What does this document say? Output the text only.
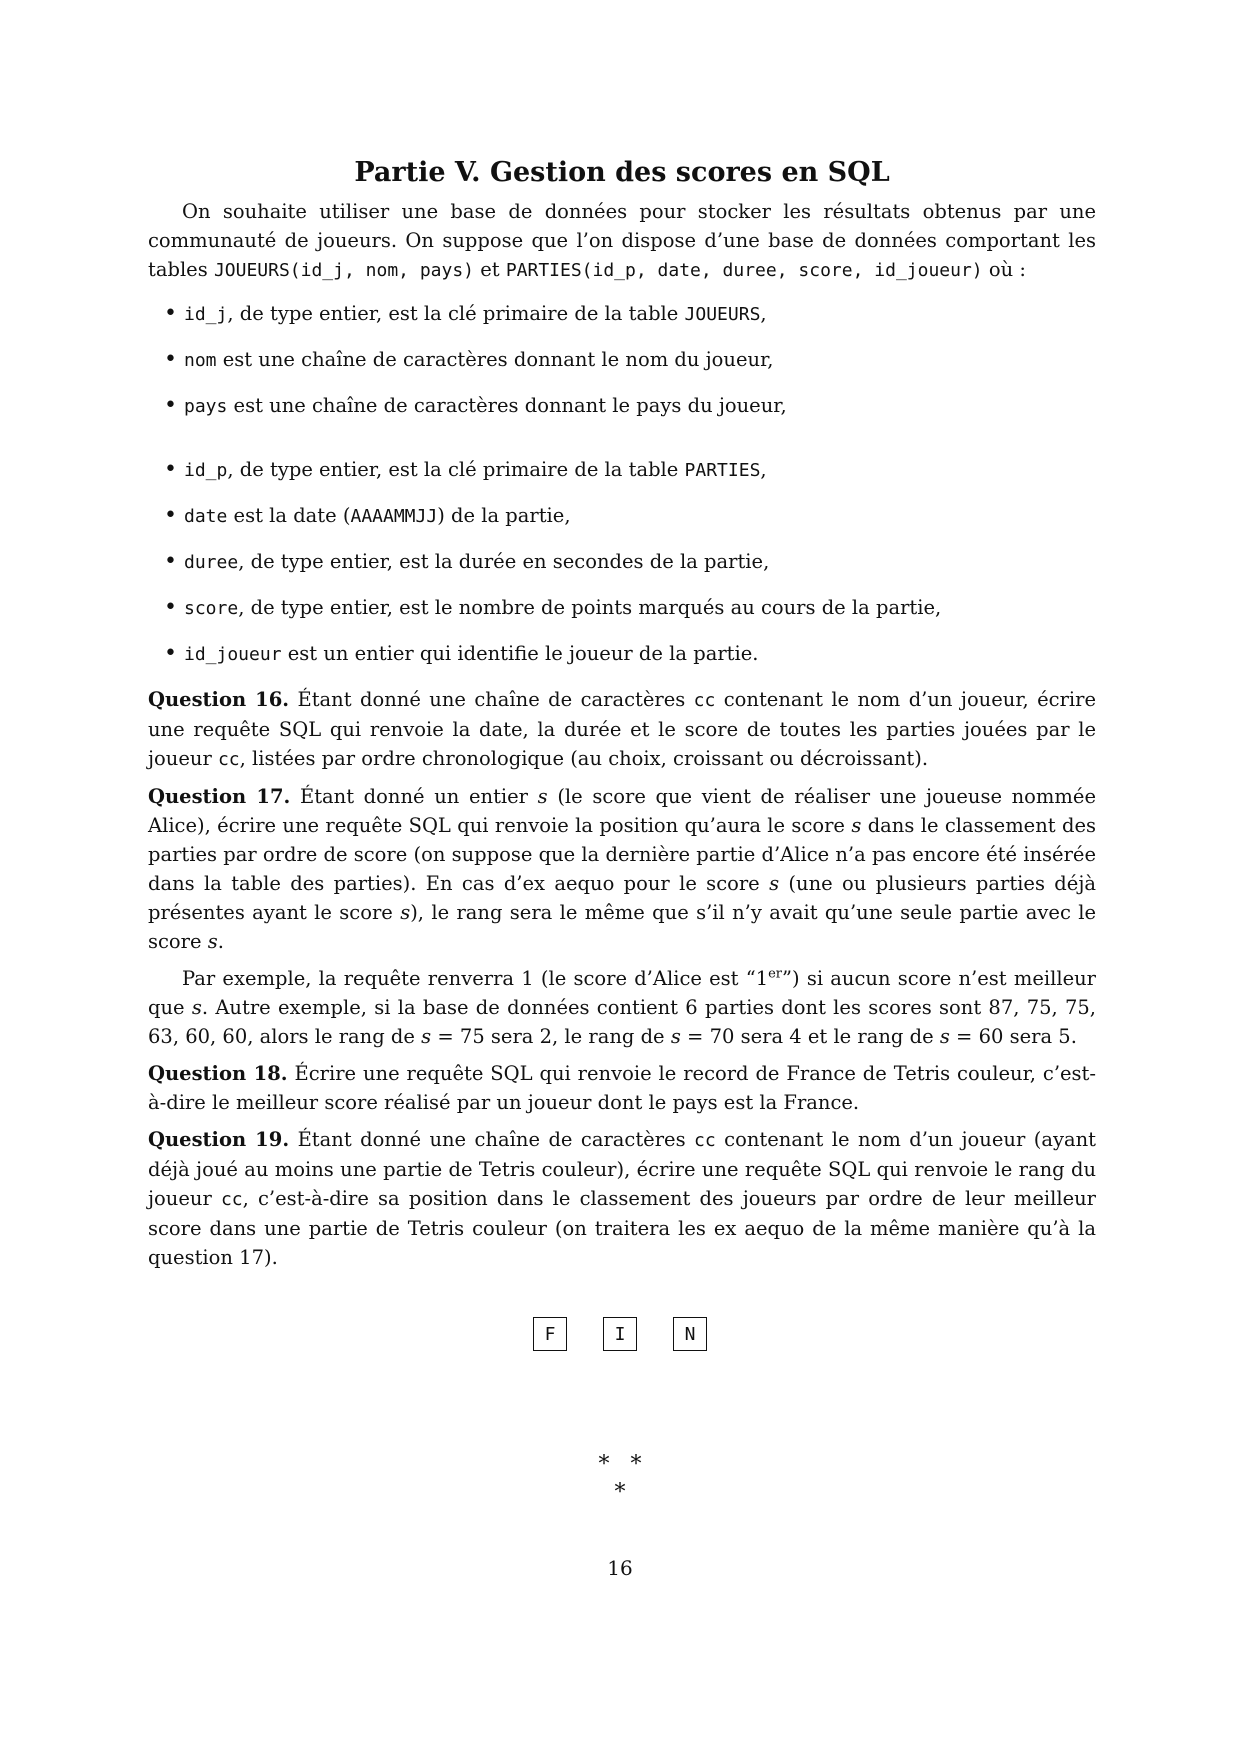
Partie V. Gestion des scores en SQL

On souhaite utiliser une base de données pour stocker les résultats obtenus par une communauté de joueurs. On suppose que l’on dispose d’une base de données comportant les tables JOUEURS(id_j, nom, pays) et PARTIES(id_p, date, duree, score, id_joueur) où :

• id_j, de type entier, est la clé primaire de la table JOUEURS,
• nom est une chaîne de caractères donnant le nom du joueur,
• pays est une chaîne de caractères donnant le pays du joueur,
• id_p, de type entier, est la clé primaire de la table PARTIES,
• date est la date (AAAAMMJJ) de la partie,
• duree, de type entier, est la durée en secondes de la partie,
• score, de type entier, est le nombre de points marqués au cours de la partie,
• id_joueur est un entier qui identifie le joueur de la partie.

Question 16. Étant donné une chaîne de caractères cc contenant le nom d’un joueur, écrire une requête SQL qui renvoie la date, la durée et le score de toutes les parties jouées par le joueur cc, listées par ordre chronologique (au choix, croissant ou décroissant).

Question 17. Étant donné un entier s (le score que vient de réaliser une joueuse nommée Alice), écrire une requête SQL qui renvoie la position qu’aura le score s dans le classement des parties par ordre de score (on suppose que la dernière partie d’Alice n’a pas encore été insérée dans la table des parties). En cas d’ex aequo pour le score s (une ou plusieurs parties déjà présentes ayant le score s), le rang sera le même que s’il n’y avait qu’une seule partie avec le score s.

Par exemple, la requête renverra 1 (le score d’Alice est “1er”) si aucun score n’est meilleur que s. Autre exemple, si la base de données contient 6 parties dont les scores sont 87, 75, 75, 63, 60, 60, alors le rang de s = 75 sera 2, le rang de s = 70 sera 4 et le rang de s = 60 sera 5.

Question 18. Écrire une requête SQL qui renvoie le record de France de Tetris couleur, c’est-à-dire le meilleur score réalisé par un joueur dont le pays est la France.

Question 19. Étant donné une chaîne de caractères cc contenant le nom d’un joueur (ayant déjà joué au moins une partie de Tetris couleur), écrire une requête SQL qui renvoie le rang du joueur cc, c’est-à-dire sa position dans le classement des joueurs par ordre de leur meilleur score dans une partie de Tetris couleur (on traitera les ex aequo de la même manière qu’à la question 17).

F	I	N
* *
*
16
